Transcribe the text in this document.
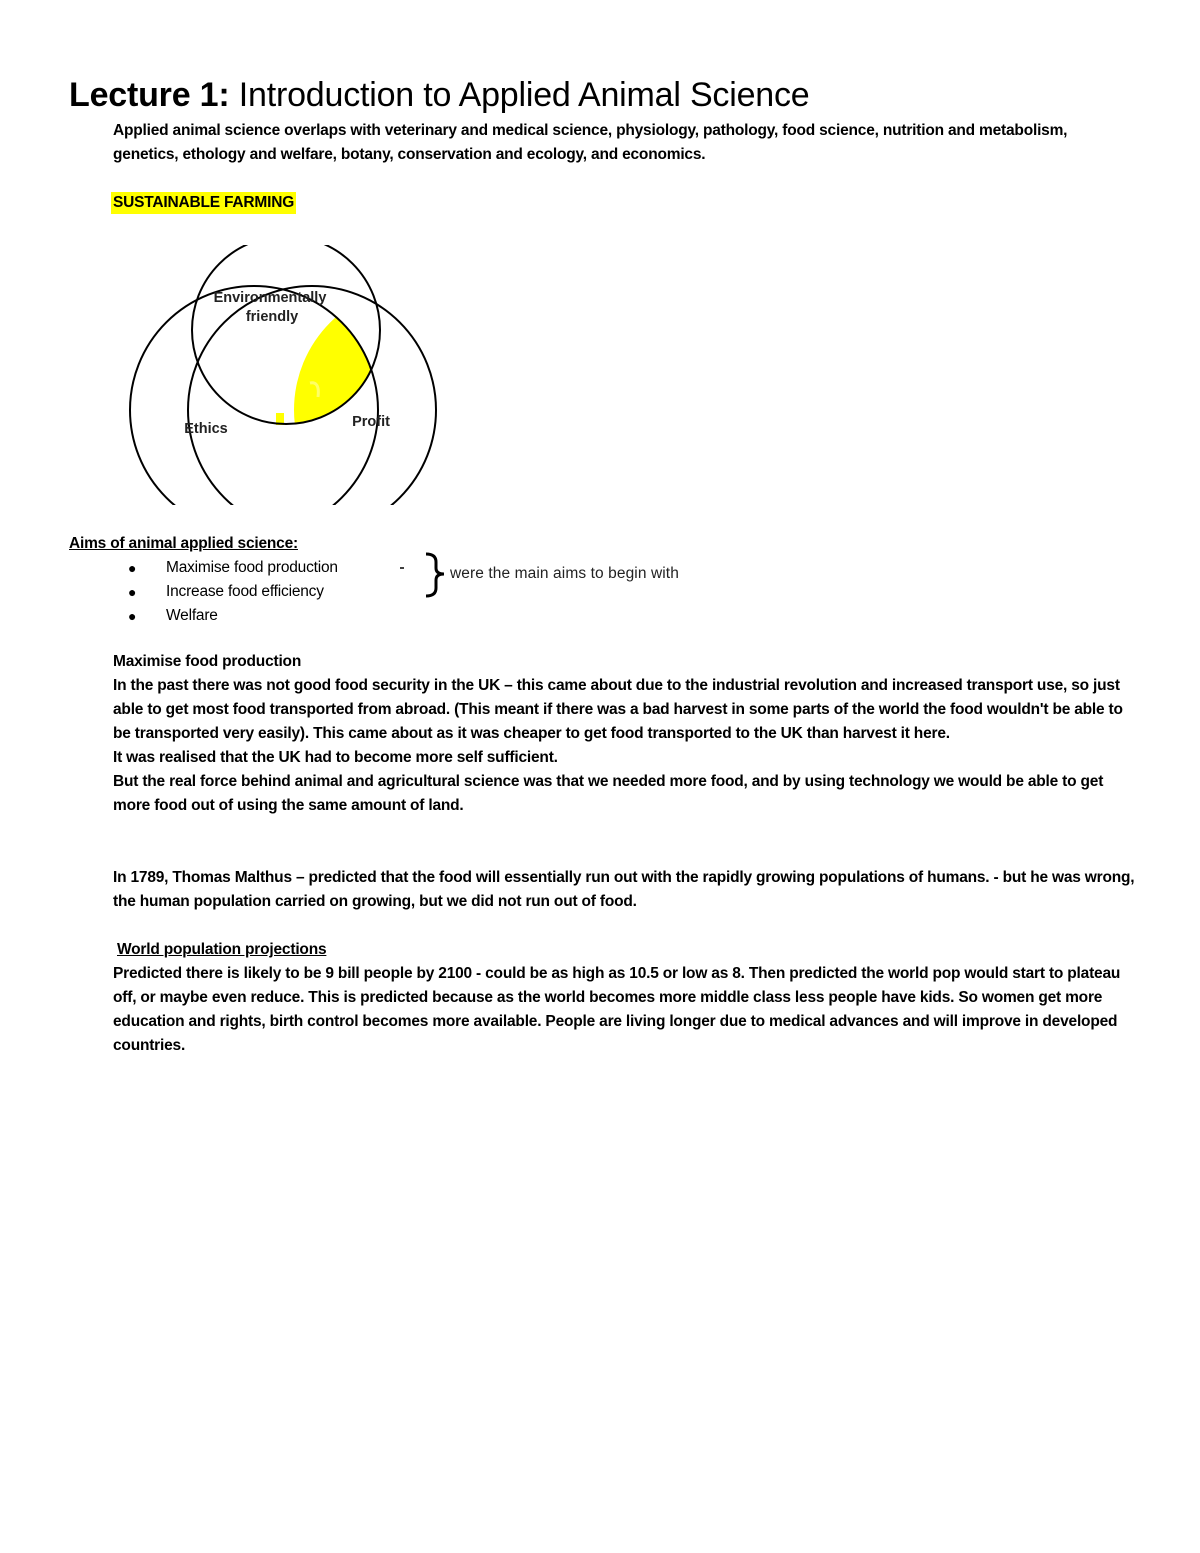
Lecture 1: Introduction to Applied Animal Science
Applied animal science overlaps with veterinary and medical science, physiology, pathology, food science, nutrition and metabolism, genetics, ethology and welfare, botany, conservation and ecology, and economics.
SUSTAINABLE FARMING
Environmentally
friendly
Ethics	Profit
Aims of animal applied science:
● Maximise food production
● Increase food efficiency
● Welfare
were the main aims to begin with
Maximise food production

In the past there was not good food security in the UK – this came about due to the industrial revolution and increased transport use, so just able to get most food transported from abroad. (This meant if there was a bad harvest in some parts of the world the food wouldn't be able to be transported very easily). This came about as it was cheaper to get food transported to the UK than harvest it here.

It was realised that the UK had to become more self sufficient.

But the real force behind animal and agricultural science was that we needed more food, and by using technology we would be able to get more food out of using the same amount of land.

In 1789, Thomas Malthus – predicted that the food will essentially run out with the rapidly growing populations of humans. - but he was wrong, the human population carried on growing, but we did not run out of food.
World population projections
Predicted there is likely to be 9 bill people by 2100 - could be as high as 10.5 or low as 8. Then predicted the world pop would start to plateau off, or maybe even reduce. This is predicted because as the world becomes more middle class less people have kids. So women get more education and rights, birth control becomes more available. People are living longer due to medical advances and will improve in developed countries.
